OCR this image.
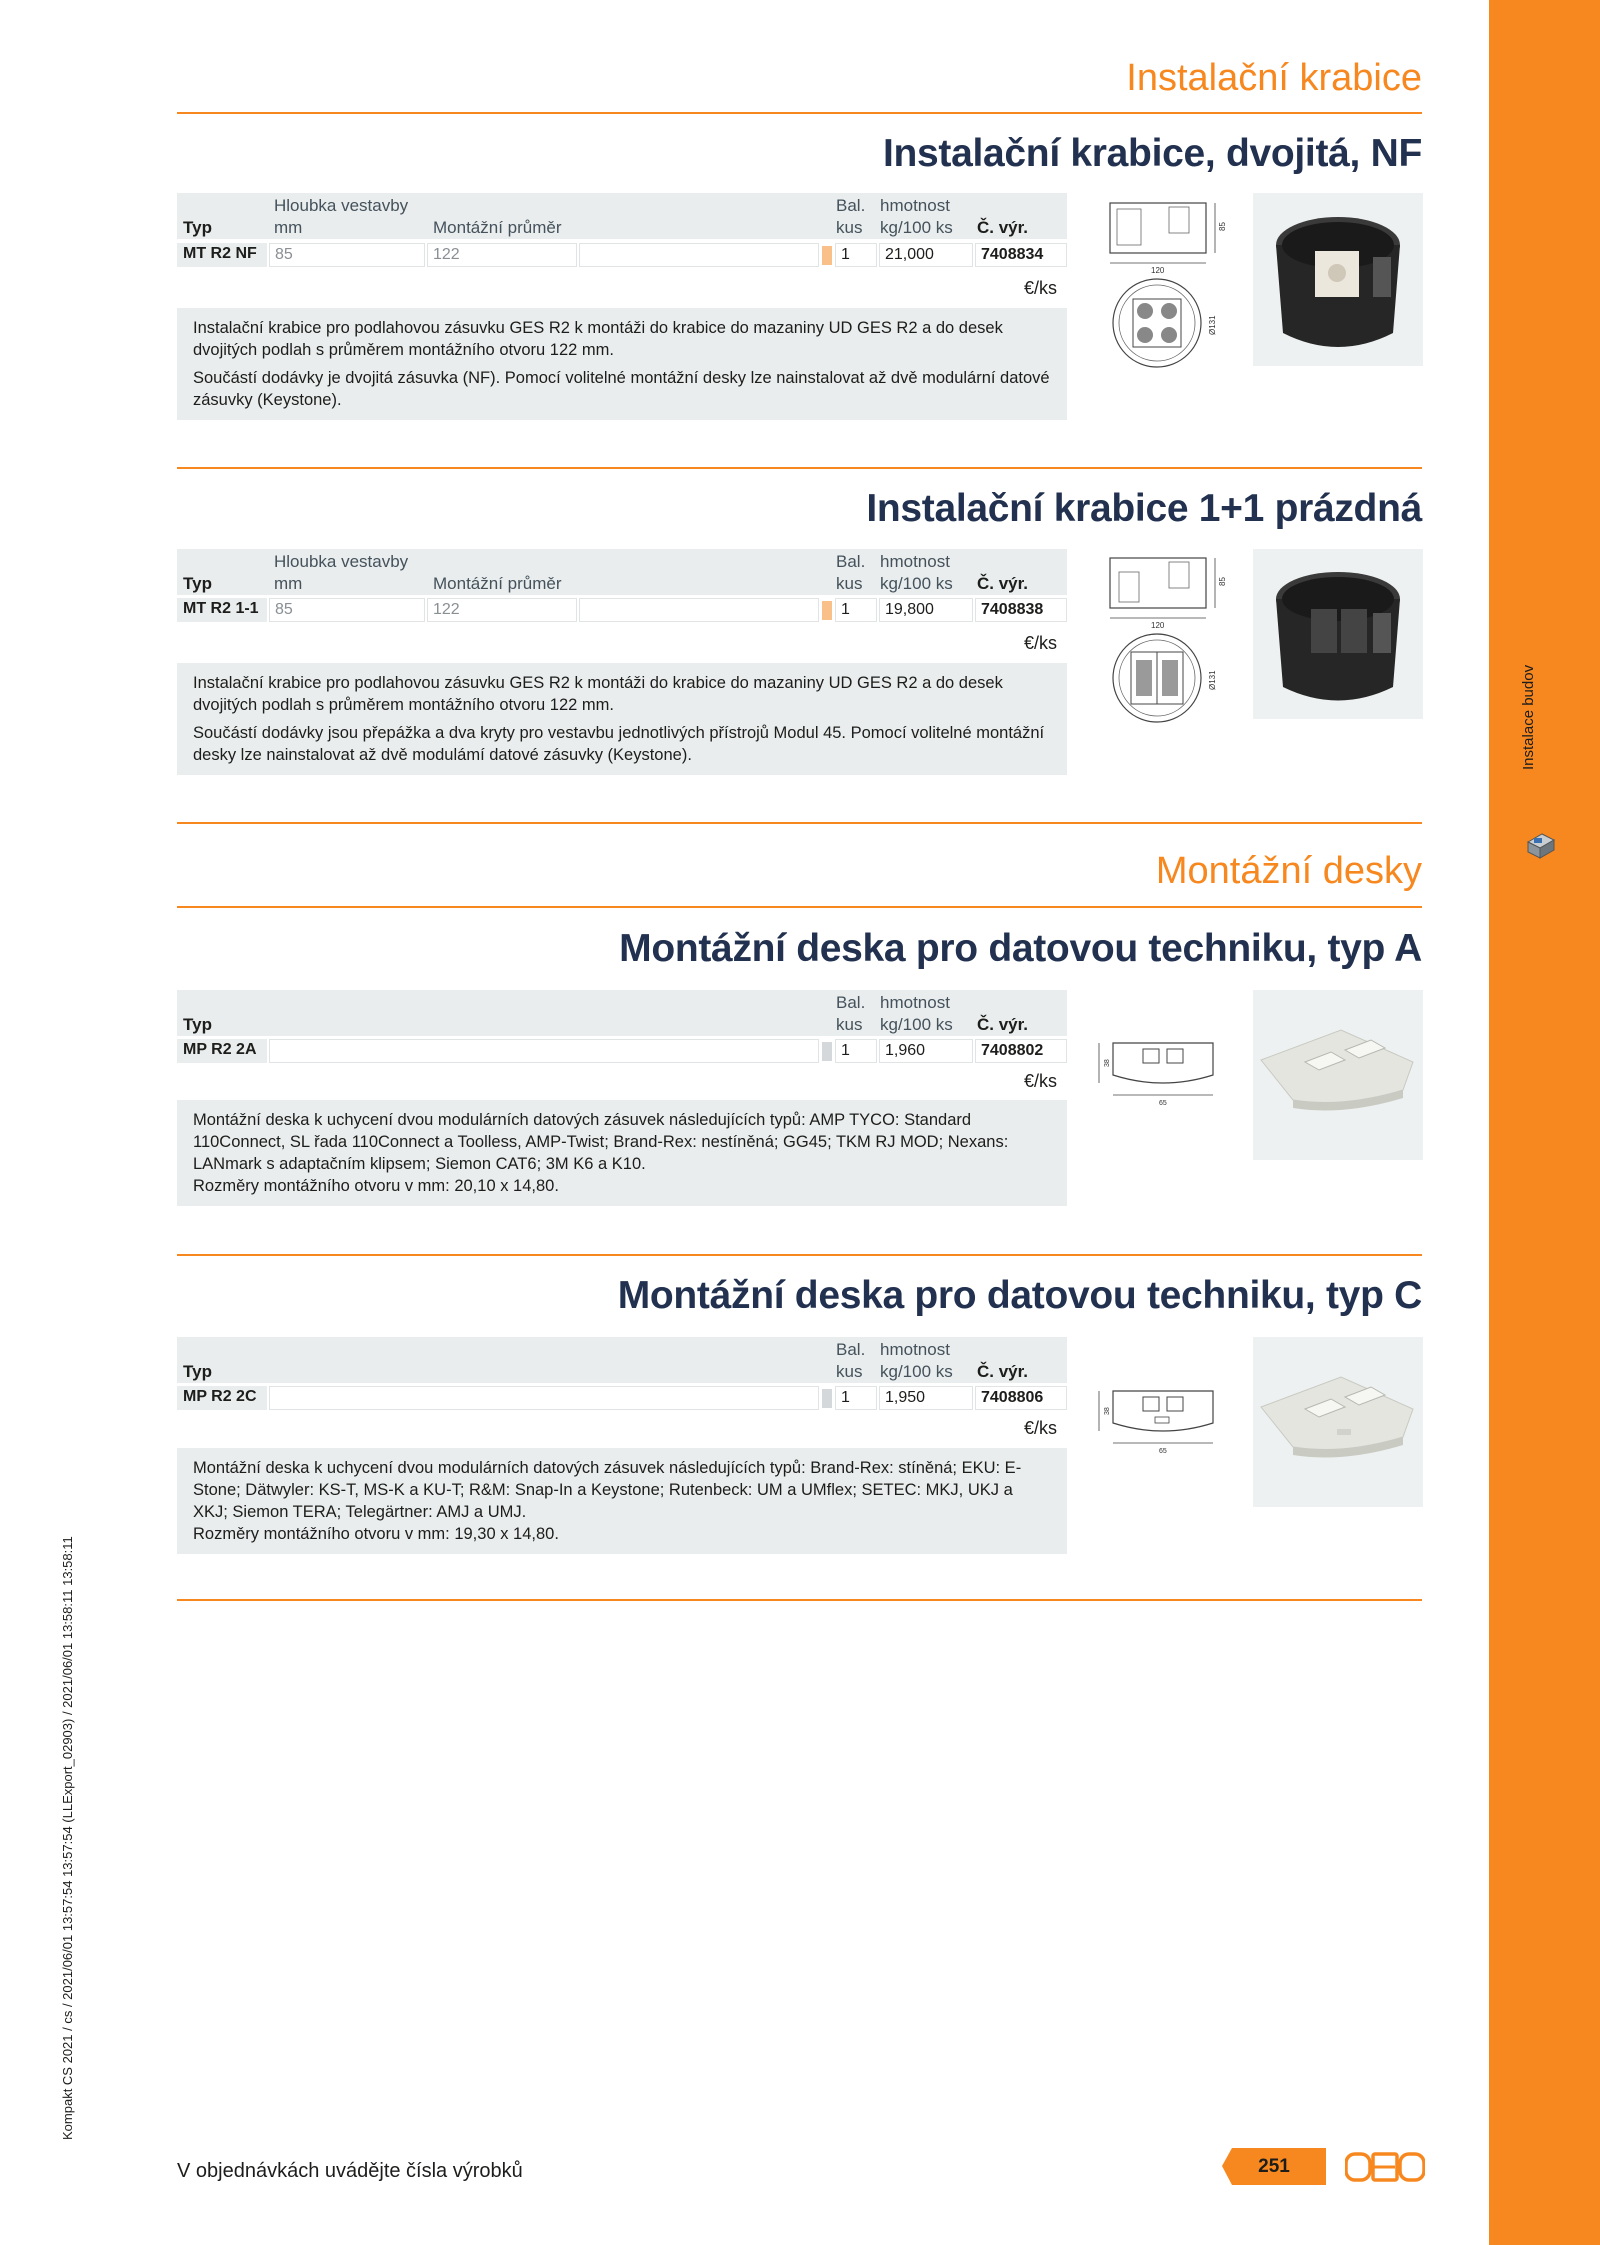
Instalace budov
Kompakt CS 2021 / cs / 2021/06/01 13:57:54 13:57:54 (LLExport_02903) / 2021/06/01 13:58:11 13:58:11
Instalační krabice
Instalační krabice, dvojitá, NF
Hloubka vestavby
Typ	mm	Montážní průměr
Bal.
kus
hmotnost
kg/100 ks Č. výr.
MT R2 NF	85	122	1	21,000	7408834
€/ks

Instalační krabice pro podlahovou zásuvku GES R2 k montáži do krabice do mazaniny UD GES R2 a do desek dvojitých podlah s průměrem montážního otvoru 122 mm.

Součástí dodávky je dvojitá zásuvka (NF). Pomocí volitelné montážní desky lze nainstalovat až dvě modulární datové zásuvky (Keystone).

120
85
Ø131
Instalační krabice 1+1 prázdná
Hloubka vestavby
Typ	mm	Montážní průměr
Bal.
kus
hmotnost
kg/100 ks Č. výr.
MT R2 1-1	85	122	1	19,800	7408838
€/ks

Instalační krabice pro podlahovou zásuvku GES R2 k montáži do krabice do mazaniny UD GES R2 a do desek dvojitých podlah s průměrem montážního otvoru 122 mm.

Součástí dodávky jsou přepážka a dva kryty pro vestavbu jednotlivých přístrojů Modul 45. Pomocí volitelné montážní desky lze nainstalovat až dvě modulámí datové zásuvky (Keystone).

120
85
Ø131
Montážní desky
Montážní deska pro datovou techniku, typ A
Typ
Bal.
kus
hmotnost
kg/100 ks Č. výr.
MP R2 2A	1	1,960	7408802
€/ks

Montážní deska k uchycení dvou modulárních datových zásuvek následujících typů: AMP TYCO: Standard 110Connect, SL řada 110Connect a Toolless, AMP-Twist; Brand-Rex: nestíněná; GG45; TKM RJ MOD; Nexans: LANmark s adaptačním klipsem; Siemon CAT6; 3M K6 a K10.

Rozměry montážního otvoru v mm: 20,10 x 14,80.

38
65
Montážní deska pro datovou techniku, typ C
Typ
Bal.
kus
hmotnost
kg/100 ks Č. výr.
MP R2 2C	1	1,950	7408806
€/ks

Montážní deska k uchycení dvou modulárních datových zásuvek následujících typů: Brand-Rex: stíněná; EKU: E-Stone; Dätwyler: KS-T, MS-K a KU-T; R&M: Snap-In a Keystone; Rutenbeck: UM a UMflex; SETEC: MKJ, UKJ a XKJ; Siemon TERA; Telegärtner: AMJ a UMJ.

Rozměry montážního otvoru v mm: 19,30 x 14,80.

38
65
V objednávkách uvádějte čísla výrobků	251
